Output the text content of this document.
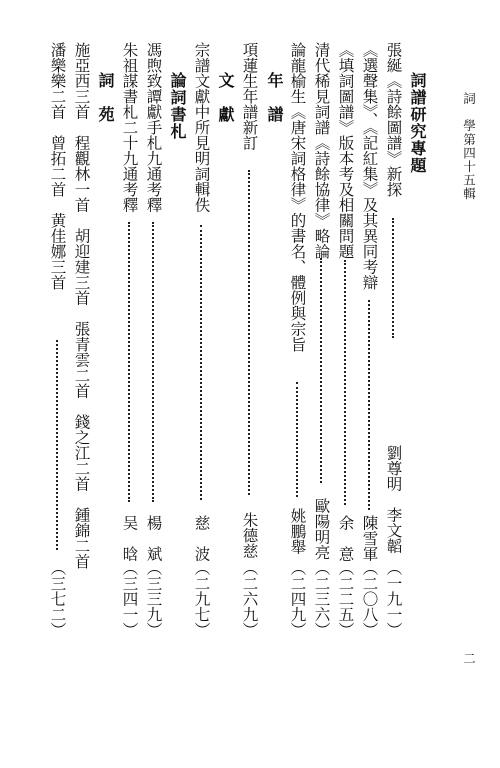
詞　學
第四十五輯
二
詞譜研究專題
張綖《詩餘圖譜》新探
劉尊明　李文韜
（一九一）
《選聲集》、《記紅集》及其異同考辯
陳雪軍
（二〇八）
《填詞圖譜》版本考及相關問題
余　意
（二二五）
清代稀見詞譜《詩餘協律》略論
歐陽明亮
（二三六）
論龍榆生《唐宋詞格律》的書名、體例與宗旨
姚鵬舉
（二四九）
年　譜
項蓮生年譜新訂
朱德慈
（二六九）
文　獻
宗譜文獻中所見明詞輯佚
慈　波
（二九七）
論詞書札
馮煦致譚獻手札九通考釋
楊　斌
（三三九）
朱祖謀書札二十九通考釋
吴　晗
（三四一）
詞　苑
施亞西三首　程觀林一首　胡迎建三首　張青雲二首　錢之江二首　鍾錦二首
潘樂樂二首　曾拓二首　黄佳娜三首
（三七二）
